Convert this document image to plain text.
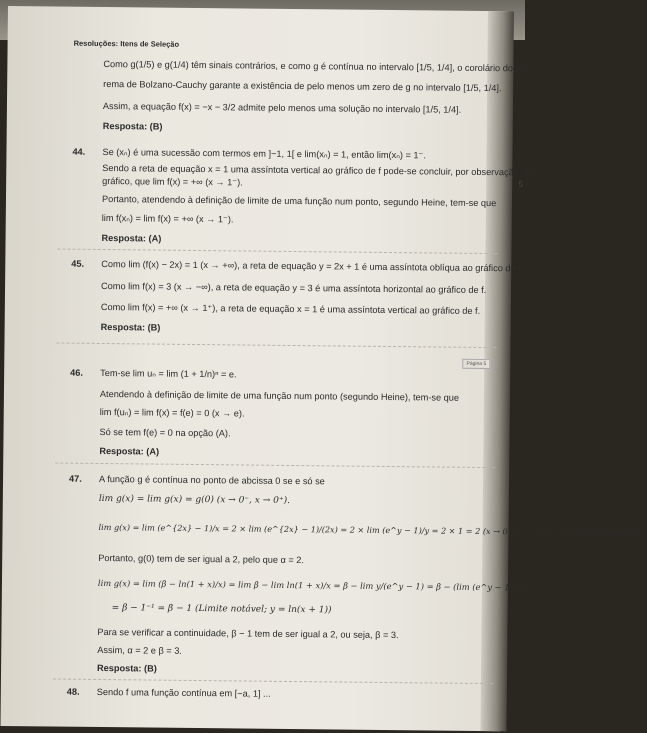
Resoluções: Itens de Seleção
Como g(1/5) e g(1/4) têm sinais contrários, e como g é contínua no intervalo [1/5, 1/4], o corolário do teo-
rema de Bolzano-Cauchy garante a existência de pelo menos um zero de g no intervalo [1/5, 1/4].
Assim, a equação f(x) = −x − 3/2 admite pelo menos uma solução no intervalo [1/5, 1/4].
Resposta: (B)
44. Se (xₙ) é uma sucessão com termos em ]−1, 1[ e lim(xₙ) = 1, então lim(xₙ) = 1⁻.
Sendo a reta de equação x = 1 uma assíntota vertical ao gráfico de f pode-se concluir, por observação do
gráfico, que lim f(x) = +∞ (x → 1⁻).
Portanto, atendendo à definição de limite de uma função num ponto, segundo Heine, tem-se que
lim f(xₙ) = lim f(x) = +∞ (x → 1⁻).
Resposta: (A)
45. Como lim (f(x) − 2x) = 1 (x → +∞), a reta de equação y = 2x + 1 é uma assíntota oblíqua ao gráfico de f.
Como lim f(x) = 3 (x → −∞), a reta de equação y = 3 é uma assíntota horizontal ao gráfico de f.
Como lim f(x) = +∞ (x → 1⁺), a reta de equação x = 1 é uma assíntota vertical ao gráfico de f.
Resposta: (B)
Página 5
46. Tem-se lim uₙ = lim (1 + 1/n)ⁿ = e.
Atendendo à definição de limite de uma função num ponto (segundo Heine), tem-se que
lim f(uₙ) = lim f(x) = f(e) = 0 (x → e).
Só se tem f(e) = 0 na opção (A).
Resposta: (A)
47. A função g é contínua no ponto de abcissa 0 se e só se
lim g(x) = lim g(x) = g(0) (x → 0⁻, x → 0⁺).
lim g(x) = lim (e^{2x} − 1)/x = 2 × lim (e^{2x} − 1)/(2x) = 2 × lim (e^y − 1)/y = 2 × 1 = 2 (x → 0⁻; y = 2x, y → 0⁻; Limite notável)
Portanto, g(0) tem de ser igual a 2, pelo que α = 2.
lim g(x) = lim (β − ln(1 + x)/x) = lim β − lim ln(1 + x)/x = β − lim y/(e^y − 1) = β − (lim (e^y − 1)/y)⁻¹
= β − 1⁻¹ = β − 1 (Limite notável; y = ln(x + 1))
Para se verificar a continuidade, β − 1 tem de ser igual a 2, ou seja, β = 3.
Assim, α = 2 e β = 3.
Resposta: (B)
48. Sendo f uma função contínua em [−a, 1] ...
5
